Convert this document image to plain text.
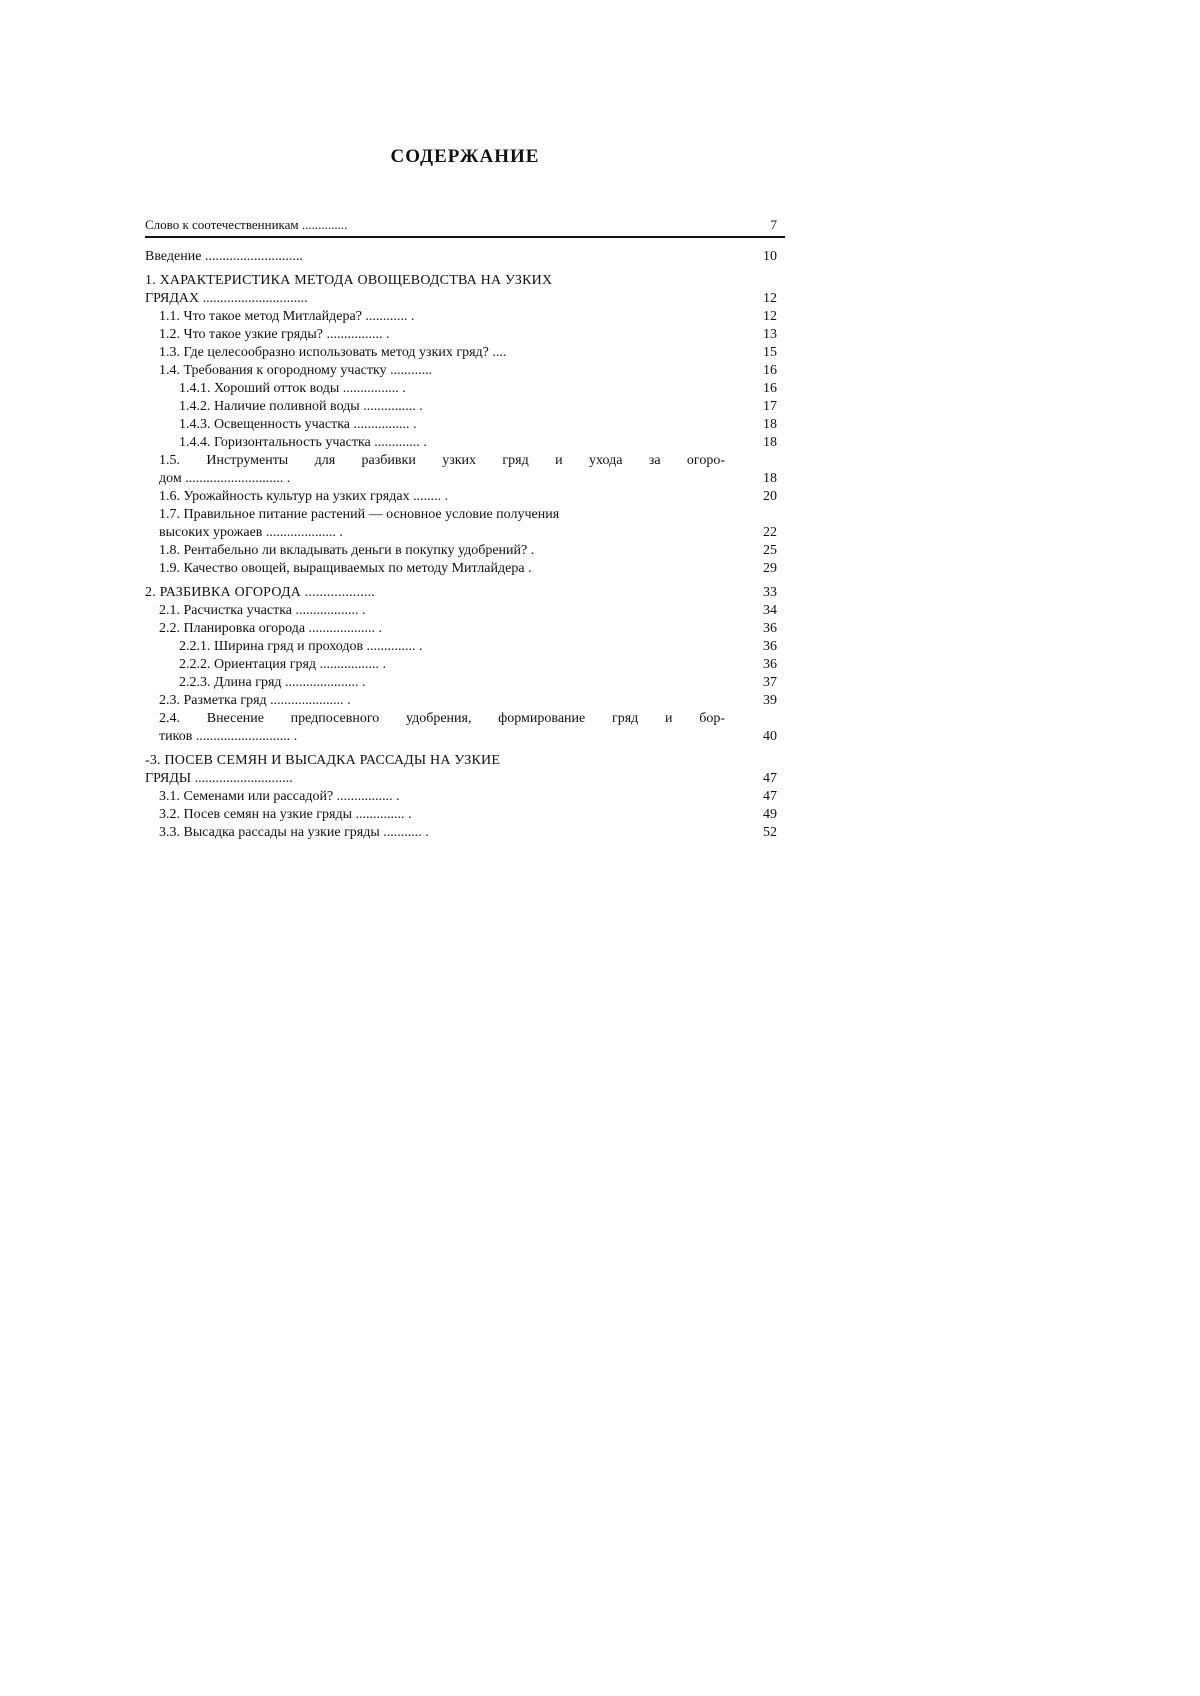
СОДЕРЖАНИЕ
Слово к соотечественникам ..............	7
Введение ............................	10
1. ХАРАКТЕРИСТИКА МЕТОДА ОВОЩЕВОДСТВА НА УЗКИХ
ГРЯДАХ ..............................	12
1.1. Что такое метод Митлайдера? ............ .	12
1.2. Что такое узкие гряды? ................ .	13
1.3. Где целесообразно использовать метод узких гряд? ....	15
1.4. Требования к огородному участку ............	16
1.4.1. Хороший отток воды ................ .	16
1.4.2. Наличие поливной воды ............... .	17
1.4.3. Освещенность участка ................ .	18
1.4.4. Горизонтальность участка ............. .	18
1.5. Инструменты для разбивки узких гряд и ухода за огоро-
дом ............................ .	18
1.6. Урожайность культур на узких грядах ........ .	20
1.7. Правильное питание растений — основное условие получения
высоких урожаев .................... .	22
1.8. Рентабельно ли вкладывать деньги в покупку удобрений? .	25
1.9. Качество овощей, выращиваемых по методу Митлайдера .	29
2. РАЗБИВКА ОГОРОДА ...................	33
2.1. Расчистка участка .................. .	34
2.2. Планировка огорода ................... .	36
2.2.1. Ширина гряд и проходов .............. .	36
2.2.2. Ориентация гряд ................. .	36
2.2.3. Длина гряд ..................... .	37
2.3. Разметка гряд ..................... .	39
2.4. Внесение предпосевного удобрения, формирование гряд и бор-
тиков ........................... .	40
-3. ПОСЕВ СЕМЯН И ВЫСАДКА РАССАДЫ НА УЗКИЕ
ГРЯДЫ ............................	47
3.1. Семенами или рассадой? ................ .	47
3.2. Посев семян на узкие гряды .............. .	49
3.3. Высадка рассады на узкие гряды ........... .	52
